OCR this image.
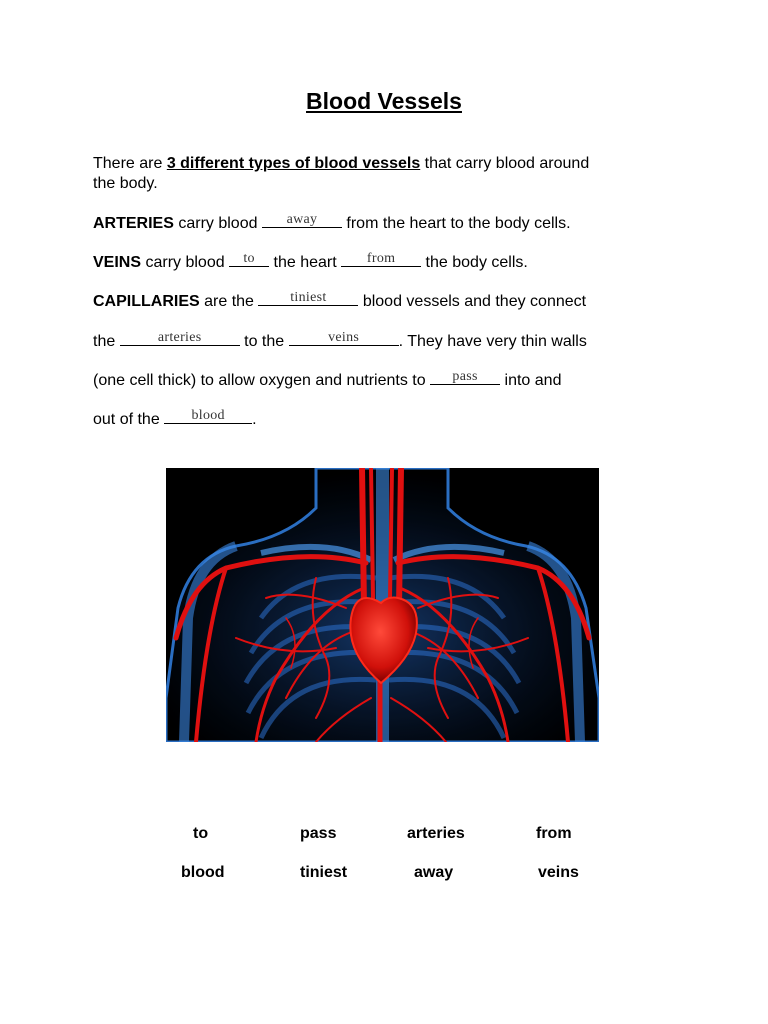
Blood Vessels
There are 3 different types of blood vessels that carry blood around
the body.
ARTERIES carry blood	away	from the heart to the body cells.
VEINS carry blood	to the heart	from	the body cells.
CAPILLARIES are the	tiniest	blood vessels and they connect
the	arteries	to the	veins	. They have very thin walls
(one cell thick) to allow oxygen and nutrients to	pass	into and
out of the	blood	.
to	pass	arteries	from
blood	tiniest	away	veins
